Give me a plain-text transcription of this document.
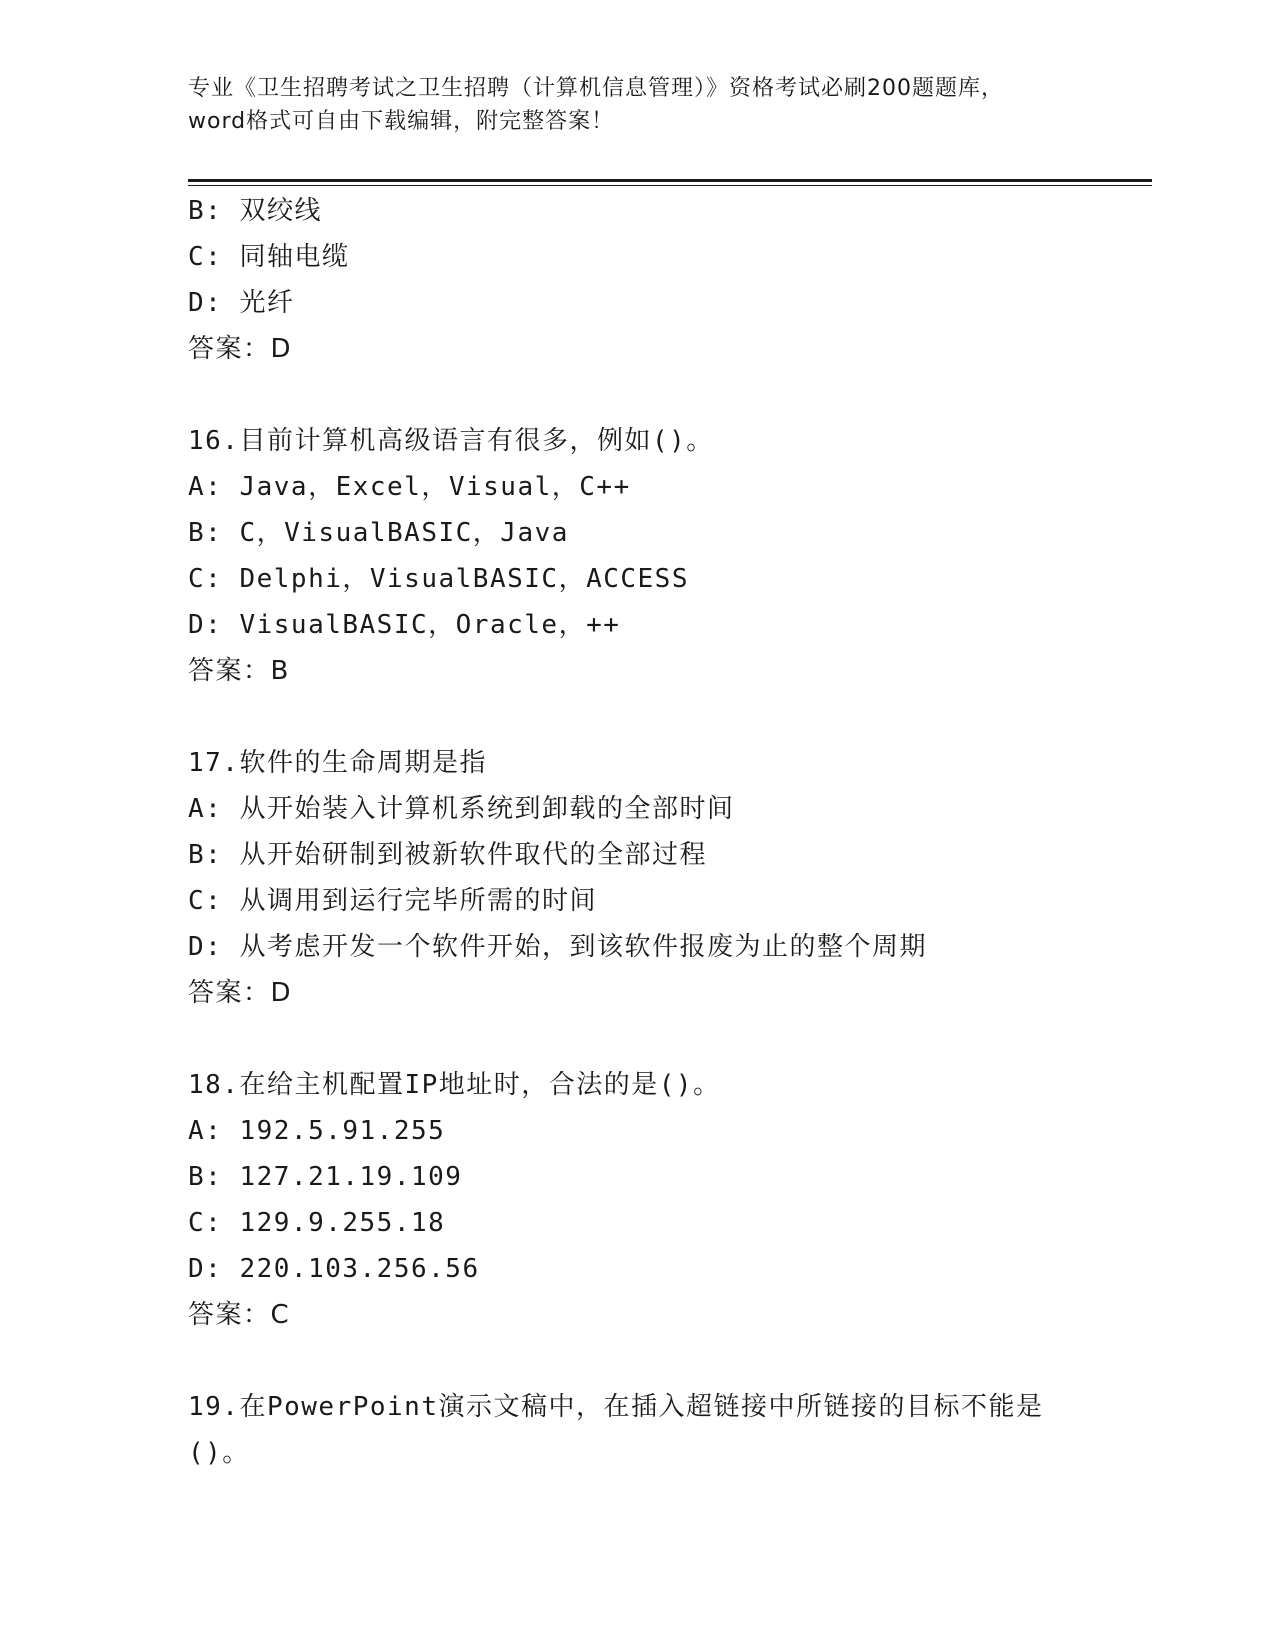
专业《卫生招聘考试之卫生招聘（计算机信息管理）》资格考试必刷200题题库，
word格式可自由下载编辑，附完整答案！
B: 双绞线
C: 同轴电缆
D: 光纤
答案：D
16.目前计算机高级语言有很多，例如()。
A: Java，Excel，Visual，C++
B: C，VisualBASIC，Java
C: Delphi，VisualBASIC，ACCESS
D: VisualBASIC，Oracle，++
答案：B
17.软件的生命周期是指
A: 从开始装入计算机系统到卸载的全部时间
B: 从开始研制到被新软件取代的全部过程
C: 从调用到运行完毕所需的时间
D: 从考虑开发一个软件开始，到该软件报废为止的整个周期
答案：D
18.在给主机配置IP地址时，合法的是()。
A: 192.5.91.255
B: 127.21.19.109
C: 129.9.255.18
D: 220.103.256.56
答案：C
19.在PowerPoint演示文稿中，在插入超链接中所链接的目标不能是
()。
